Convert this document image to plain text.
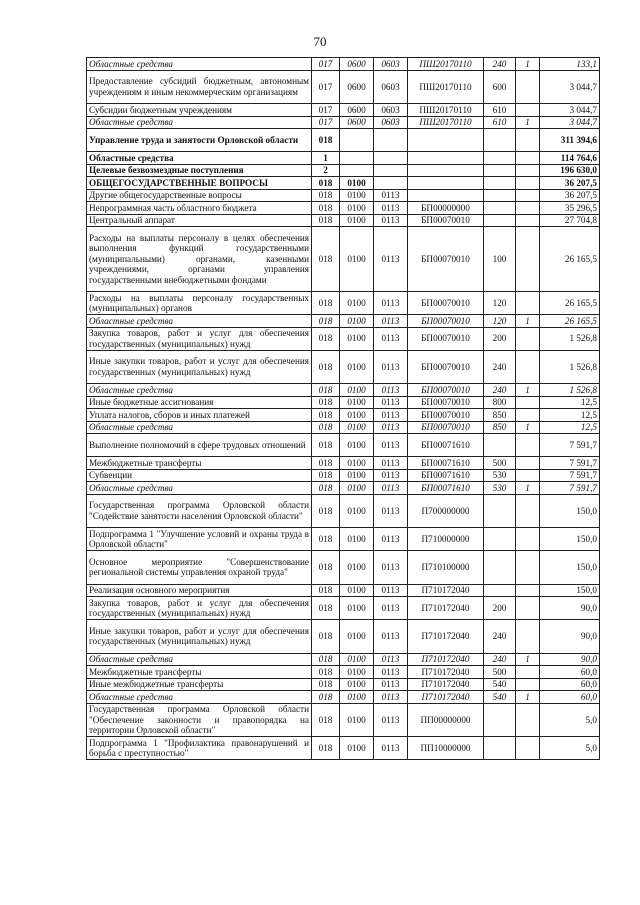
70
Областные средства	017	0600	0603	ПШ20170110	240	1	133,1
Предоставление субсидий бюджетным, автономным учреждениям и иным некоммерческим организациям	017	0600	0603	ПШ20170110	600		3 044,7
Субсидии бюджетным учреждениям	017	0600	0603	ПШ20170110	610		3 044,7
Областные средства	017	0600	0603	ПШ20170110	610	1	3 044,7
Управление труда и занятости Орловской области	018						311 394,6
Областные средства	1						114 764,6
Целевые безвозмездные поступления	2						196 630,0
ОБЩЕГОСУДАРСТВЕННЫЕ ВОПРОСЫ	018	0100					36 207,5
Другие общегосударственные вопросы	018	0100	0113				36 207,5
Непрограммная часть областного бюджета	018	0100	0113	БП00000000			35 296,5
Центральный аппарат	018	0100	0113	БП00070010			27 704,8
Расходы на выплаты персоналу в целях обеспечения выполнения функций государственными (муниципальными) органами, казенными учреждениями, органами управления государственными внебюджетными фондами	018	0100	0113	БП00070010	100		26 165,5
Расходы на выплаты персоналу государственных (муниципальных) органов	018	0100	0113	БП00070010	120		26 165,5
Областные средства	018	0100	0113	БП00070010	120	1	26 165,5
Закупка товаров, работ и услуг для обеспечения государственных (муниципальных) нужд	018	0100	0113	БП00070010	200		1 526,8
Иные закупки товаров, работ и услуг для обеспечения государственных (муниципальных) нужд	018	0100	0113	БП00070010	240		1 526,8
Областные средства	018	0100	0113	БП00070010	240	1	1 526,8
Иные бюджетные ассигнования	018	0100	0113	БП00070010	800		12,5
Уплата налогов, сборов и иных платежей	018	0100	0113	БП00070010	850		12,5
Областные средства	018	0100	0113	БП00070010	850	1	12,5
Выполнение полномочий в сфере трудовых отношений	018	0100	0113	БП00071610			7 591,7
Межбюджетные трансферты	018	0100	0113	БП00071610	500		7 591,7
Субвенции	018	0100	0113	БП00071610	530		7 591,7
Областные средства	018	0100	0113	БП00071610	530	1	7 591,7
Государственная программа Орловской области "Содействие занятости населения Орловской области"	018	0100	0113	П700000000			150,0
Подпрограмма 1 "Улучшение условий и охраны труда в Орловской области"	018	0100	0113	П710000000			150,0
Основное мероприятие "Совершенствование региональной системы управления охраной труда"	018	0100	0113	П710100000			150,0
Реализация основного мероприятия	018	0100	0113	П710172040			150,0
Закупка товаров, работ и услуг для обеспечения государственных (муниципальных) нужд	018	0100	0113	П710172040	200		90,0
Иные закупки товаров, работ и услуг для обеспечения государственных (муниципальных) нужд	018	0100	0113	П710172040	240		90,0
Областные средства	018	0100	0113	П710172040	240	1	90,0
Межбюджетные трансферты	018	0100	0113	П710172040	500		60,0
Иные межбюджетные трансферты	018	0100	0113	П710172040	540		60,0
Областные средства	018	0100	0113	П710172040	540	1	60,0
Государственная программа Орловской области "Обеспечение законности и правопорядка на территории Орловской области"	018	0100	0113	ПП00000000			5,0
Подпрограмма 1 "Профилактика правонарушений и борьба с преступностью"	018	0100	0113	ПП10000000			5,0
